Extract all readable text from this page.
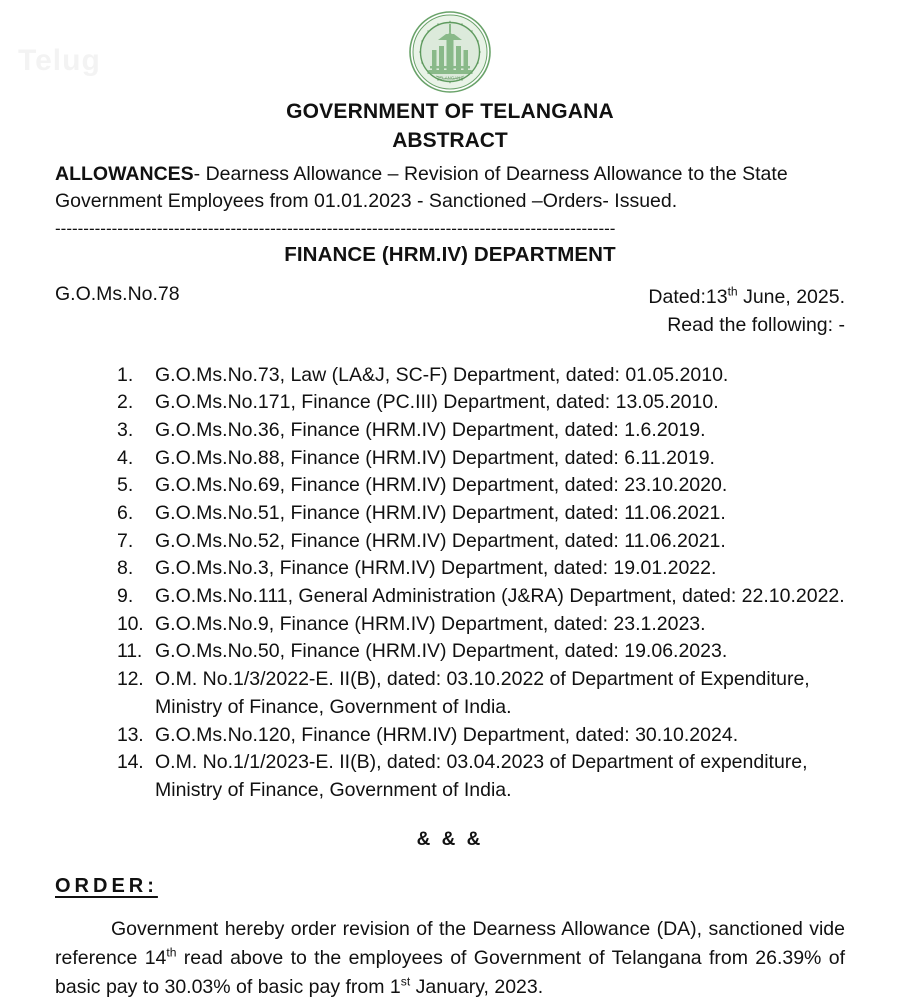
Telug
TELANGANA
GOVERNMENT OF TELANGANA
ABSTRACT
ALLOWANCES- Dearness Allowance – Revision of Dearness Allowance to the State Government Employees from 01.01.2023 - Sanctioned –Orders- Issued.
---------------------------------------------------------------------------------------------------
FINANCE (HRM.IV) DEPARTMENT
G.O.Ms.No.78	Dated:13th June, 2025.
Read the following: -
1.	G.O.Ms.No.73, Law (LA&J, SC-F) Department, dated: 01.05.2010.
2.	G.O.Ms.No.171, Finance (PC.III) Department, dated: 13.05.2010.
3.	G.O.Ms.No.36, Finance (HRM.IV) Department, dated: 1.6.2019.
4.	G.O.Ms.No.88, Finance (HRM.IV) Department, dated: 6.11.2019.
5.	G.O.Ms.No.69, Finance (HRM.IV) Department, dated: 23.10.2020.
6.	G.O.Ms.No.51, Finance (HRM.IV) Department, dated: 11.06.2021.
7.	G.O.Ms.No.52, Finance (HRM.IV) Department, dated: 11.06.2021.
8.	G.O.Ms.No.3, Finance (HRM.IV) Department, dated: 19.01.2022.
9.	G.O.Ms.No.111, General Administration (J&RA) Department, dated: 22.10.2022.
10. G.O.Ms.No.9, Finance (HRM.IV) Department, dated: 23.1.2023.
11. G.O.Ms.No.50, Finance (HRM.IV) Department, dated: 19.06.2023.
12. O.M. No.1/3/2022-E. II(B), dated: 03.10.2022 of Department of Expenditure, Ministry of Finance, Government of India.
13. G.O.Ms.No.120, Finance (HRM.IV) Department, dated: 30.10.2024.
14. O.M. No.1/1/2023-E. II(B), dated: 03.04.2023 of Department of expenditure, Ministry of Finance, Government of India.
& & &
ORDER:
Government hereby order revision of the Dearness Allowance (DA), sanctioned vide reference 14th read above to the employees of Government of Telangana from 26.39% of basic pay to 30.03% of basic pay from 1st January, 2023.
